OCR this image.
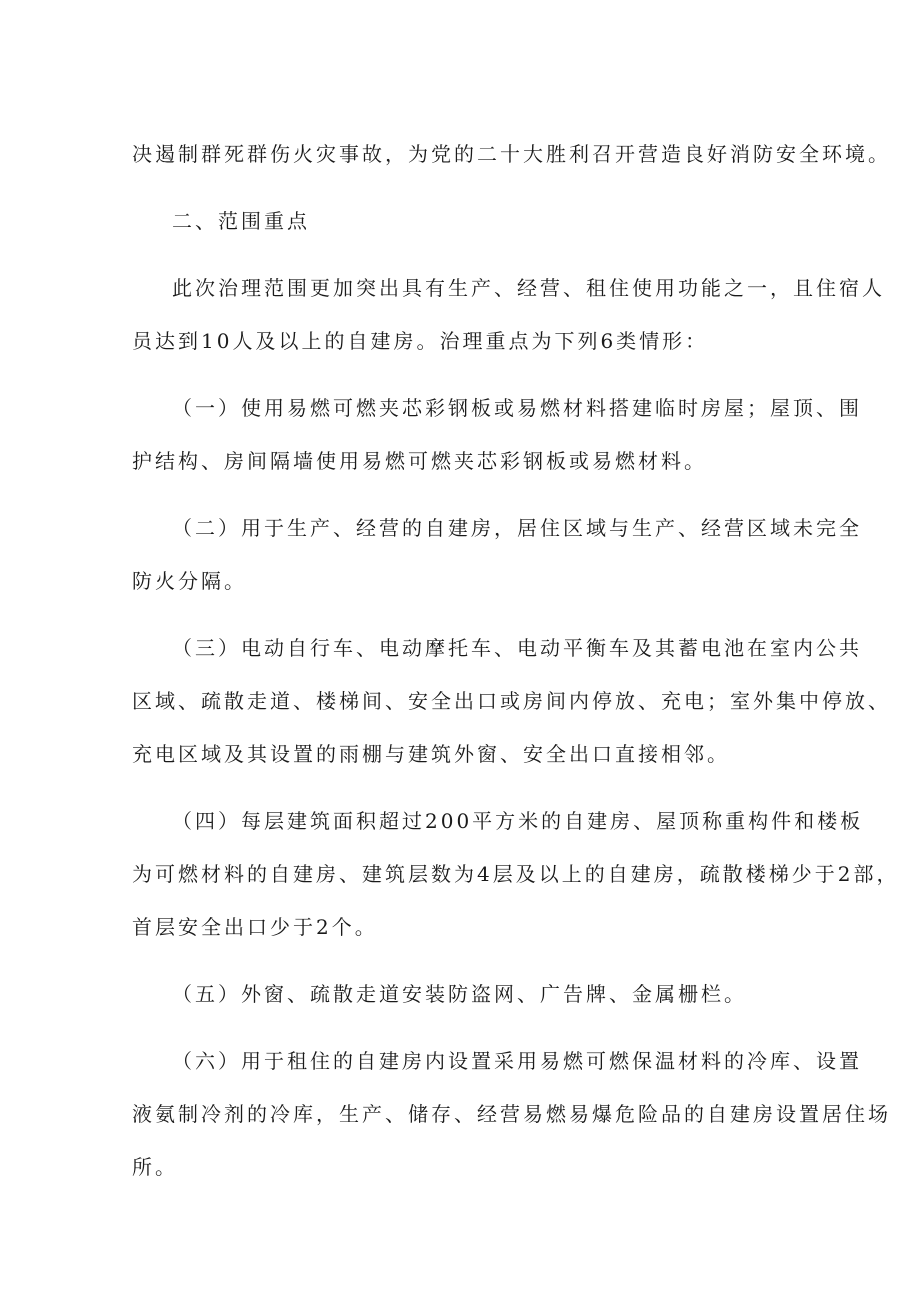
决遏制群死群伤火灾事故，为党的二十大胜利召开营造良好消防安全环境。
二、范围重点
此次治理范围更加突出具有生产、经营、租住使用功能之一，且住宿人
员达到10人及以上的自建房。治理重点为下列6类情形：
（一）使用易燃可燃夹芯彩钢板或易燃材料搭建临时房屋；屋顶、围
护结构、房间隔墙使用易燃可燃夹芯彩钢板或易燃材料。
（二）用于生产、经营的自建房，居住区域与生产、经营区域未完全
防火分隔。
（三）电动自行车、电动摩托车、电动平衡车及其蓄电池在室内公共
区域、疏散走道、楼梯间、安全出口或房间内停放、充电；室外集中停放、
充电区域及其设置的雨棚与建筑外窗、安全出口直接相邻。
（四）每层建筑面积超过200平方米的自建房、屋顶称重构件和楼板
为可燃材料的自建房、建筑层数为4层及以上的自建房，疏散楼梯少于2部，
首层安全出口少于2个。
（五）外窗、疏散走道安装防盗网、广告牌、金属栅栏。
（六）用于租住的自建房内设置采用易燃可燃保温材料的冷库、设置
液氨制冷剂的冷库，生产、储存、经营易燃易爆危险品的自建房设置居住场
所。
